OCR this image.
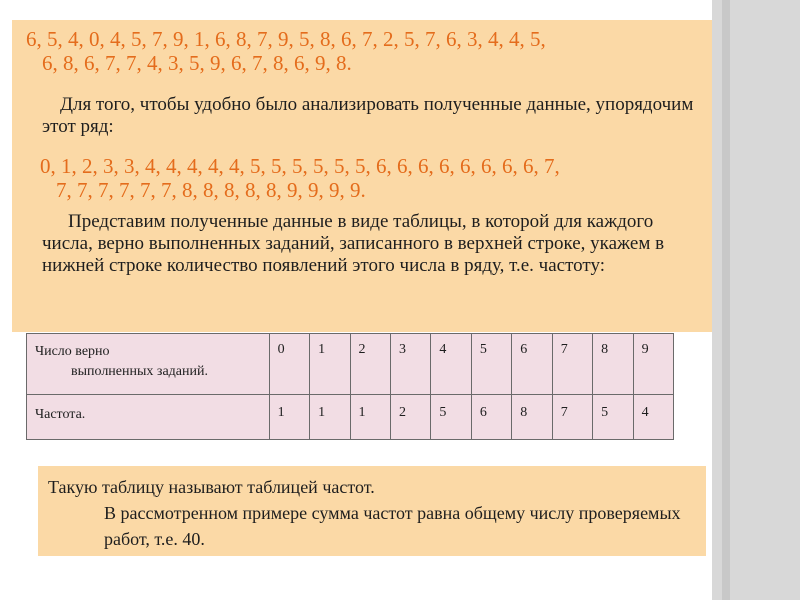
6, 5, 4, 0, 4, 5, 7, 9, 1, 6, 8, 7, 9, 5, 8, 6, 7, 2, 5, 7, 6, 3, 4, 4, 5,
6, 8, 6, 7, 7, 4, 3, 5, 9, 6, 7, 8, 6, 9, 8.

Для того, чтобы удобно было анализировать полученные данные, упорядочим этот ряд:

0, 1, 2, 3, 3, 4, 4, 4, 4, 4, 5, 5, 5, 5, 5, 5, 6, 6, 6, 6, 6, 6, 6, 6, 7,
7, 7, 7, 7, 7, 7, 8, 8, 8, 8, 8, 9, 9, 9, 9.

Представим полученные данные в виде таблицы, в которой для каждого числа, верно выполненных заданий, записанного в верхней строке, укажем в нижней строке количество появлений этого числа в ряду, т.е. частоту:

Число верно
выполненных заданий.	0	1	2	3	4	5	6	7	8	9
Частота.	1	1	1	2	5	6	8	7	5	4

Такую таблицу называют таблицей частот.
В рассмотренном примере сумма частот равна общему числу проверяемых работ, т.е. 40.
